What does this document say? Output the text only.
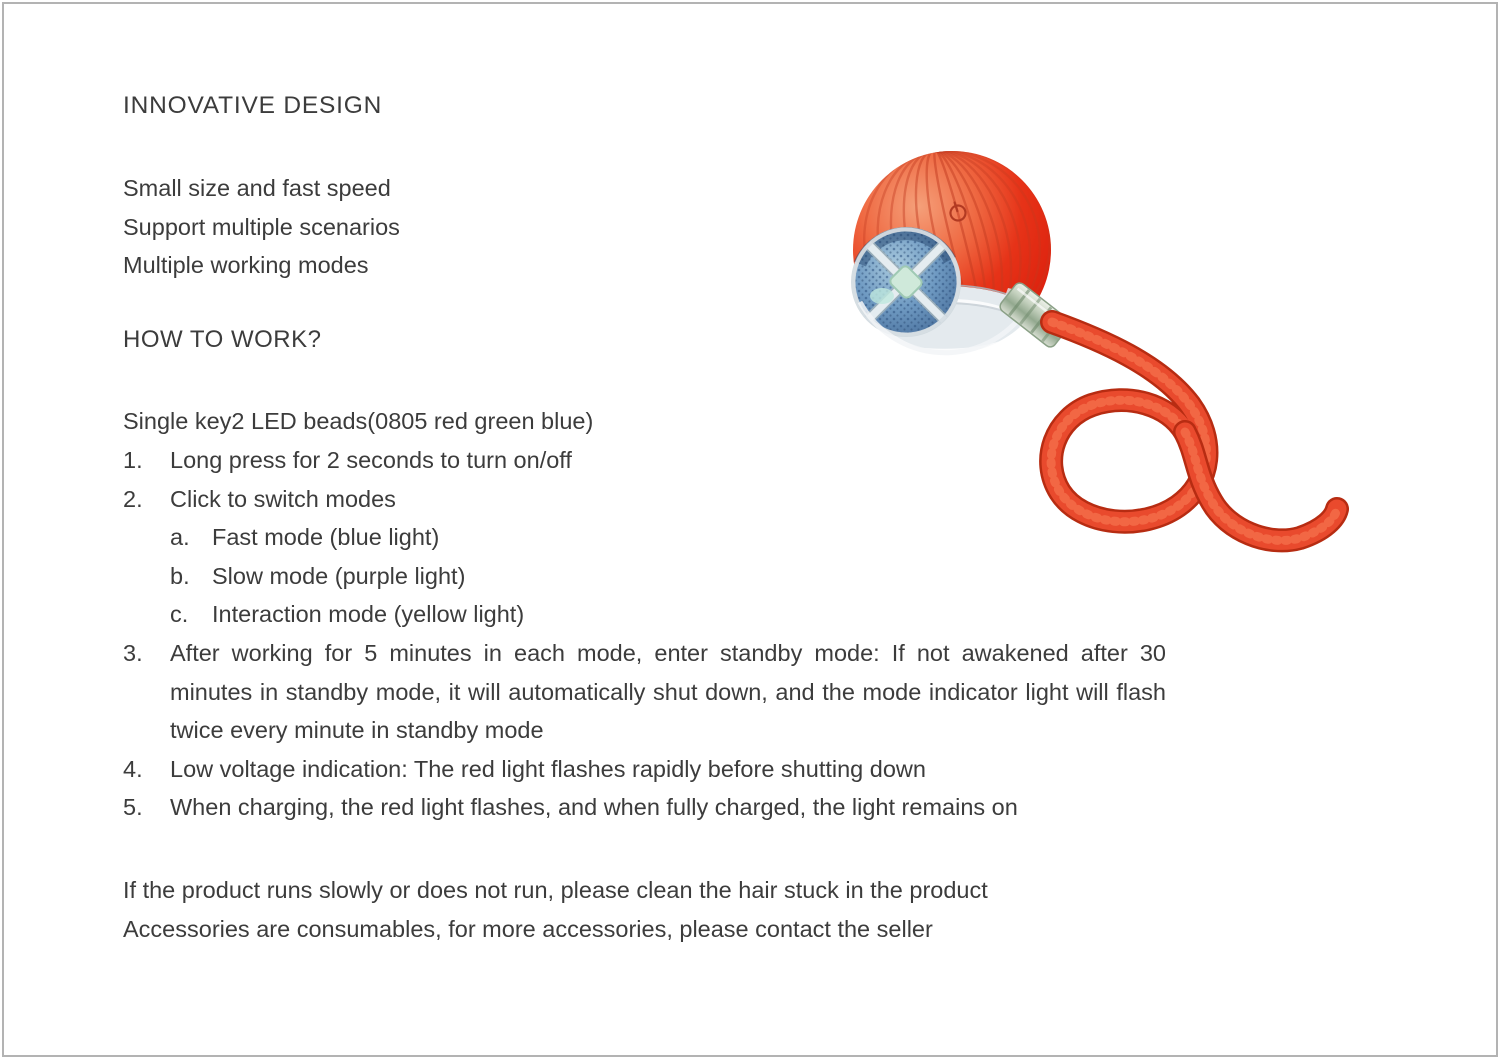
INNOVATIVE DESIGN

Small size and fast speed
Support multiple scenarios
Multiple working modes

HOW TO WORK?

Single key2 LED beads(0805 red green blue)

1.	Long press for 2 seconds to turn on/off
2.	Click to switch modes
a. Fast mode (blue light)
b. Slow mode (purple light)
c.	Interaction mode (yellow light)
3.	After working for 5 minutes in each mode, enter standby mode: If not awakened after 30 minutes in standby mode, it will automatically shut down, and the mode indicator light will flash twice every minute in standby mode
4.	Low voltage indication: The red light flashes rapidly before shutting down
5.	When charging, the red light flashes, and when fully charged, the light remains on

If the product runs slowly or does not run, please clean the hair stuck in the product
Accessories are consumables, for more accessories, please contact the seller
